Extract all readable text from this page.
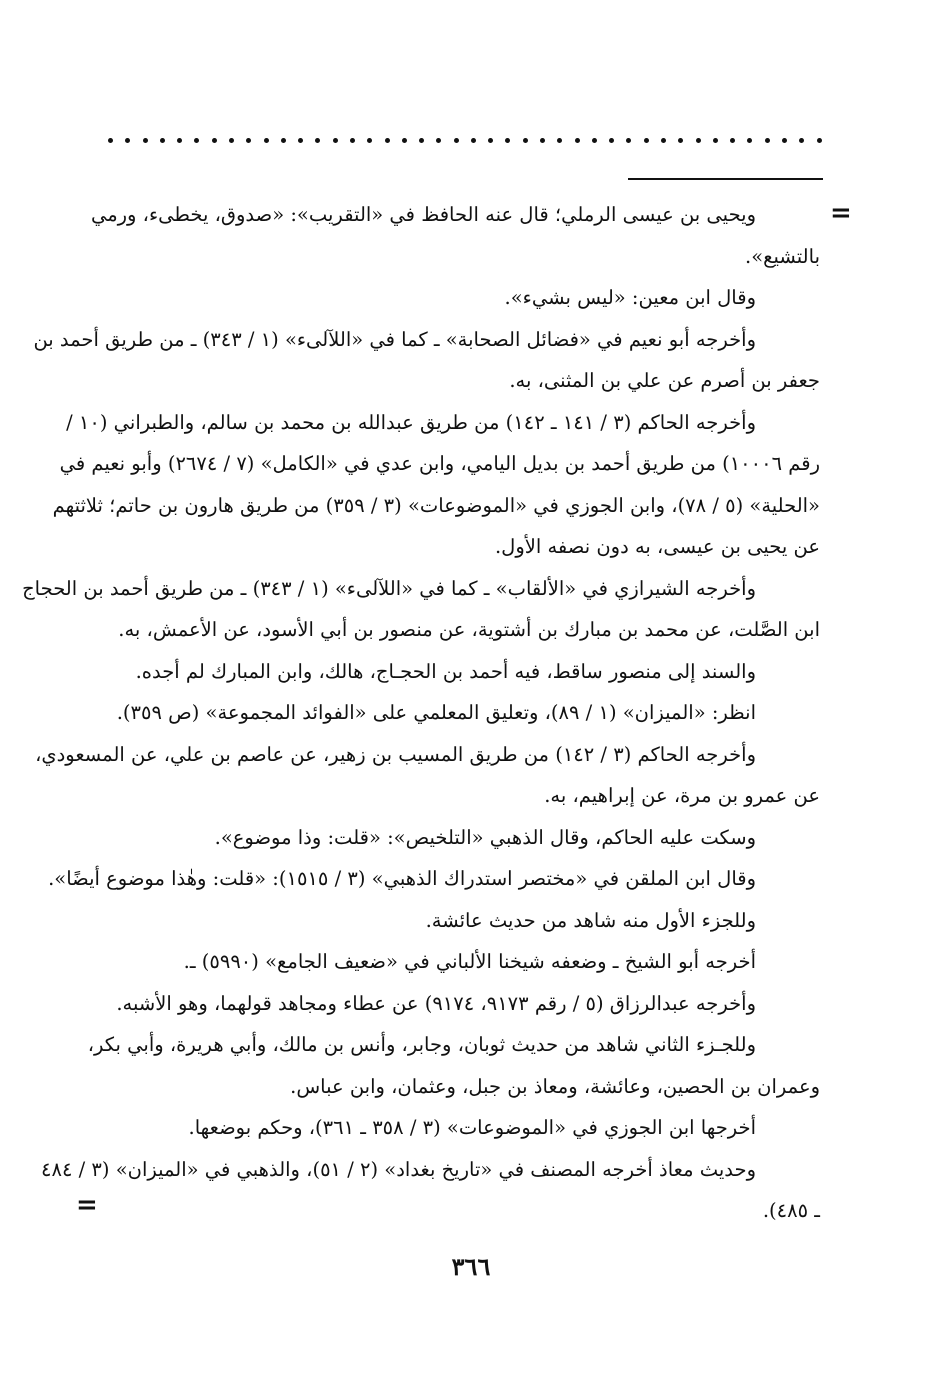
=
ويحيى بن عيسى الرملي؛ قال عنه الحافظ في «التقريب»: «صدوق، يخطىء، ورمي
بالتشيع».
وقال ابن معين: «ليس بشيء».
وأخرجه أبو نعيم في «فضائل الصحابة» ـ كما في «اللآلىء» (١ / ٣٤٣) ـ من طريق أحمد بن
جعفر بن أصرم عن علي بن المثنى، به.
وأخرجه الحاكم (٣ / ١٤١ ـ ١٤٢) من طريق عبدالله بن محمد بن سالم، والطبراني (١٠ /
رقم ١٠٠٠٦) من طريق أحمد بن بديل اليامي، وابن عدي في «الكامل» (٧ / ٢٦٧٤) وأبو نعيم في
«الحلية» (٥ / ٧٨)، وابن الجوزي في «الموضوعات» (٣ / ٣٥٩) من طريق هارون بن حاتم؛ ثلاثتهم
عن يحيى بن عيسى، به دون نصفه الأول.
وأخرجه الشيرازي في «الألقاب» ـ كما في «اللآلىء» (١ / ٣٤٣) ـ من طريق أحمد بن الحجاج
ابن الصَّلت، عن محمد بن مبارك بن أشتوية، عن منصور بن أبي الأسود، عن الأعمش، به.
والسند إلى منصور ساقط، فيه أحمد بن الحجـاج، هالك، وابن المبارك لم أجده.
انظر: «الميزان» (١ / ٨٩)، وتعليق المعلمي على «الفوائد المجموعة» (ص ٣٥٩).
وأخرجه الحاكم (٣ / ١٤٢) من طريق المسيب بن زهير، عن عاصم بن علي، عن المسعودي،
عن عمرو بن مرة، عن إبراهيم، به.
وسكت عليه الحاكم، وقال الذهبي «التلخيص»: «قلت: وذا موضوع».
وقال ابن الملقن في «مختصر استدراك الذهبي» (٣ / ١٥١٥): «قلت: وهٰذا موضوع أيضًا».
وللجزء الأول منه شاهد من حديث عائشة.
أخرجه أبو الشيخ ـ وضعفه شيخنا الألباني في «ضعيف الجامع» (٥٩٩٠) ـ.
وأخرجه عبدالرزاق (٥ / رقم ٩١٧٣، ٩١٧٤) عن عطاء ومجاهد قولهما، وهو الأشبه.
وللجـزء الثاني شاهد من حديث ثوبان، وجابر، وأنس بن مالك، وأبي هريرة، وأبي بكر،
وعمران بن الحصين، وعائشة، ومعاذ بن جبل، وعثمان، وابن عباس.
أخرجها ابن الجوزي في «الموضوعات» (٣ / ٣٥٨ ـ ٣٦١)، وحكم بوضعها.
وحديث معاذ أخرجه المصنف في «تاريخ بغداد» (٢ / ٥١)، والذهبي في «الميزان» (٣ / ٤٨٤
ـ ٤٨٥).
=
٣٦٦
